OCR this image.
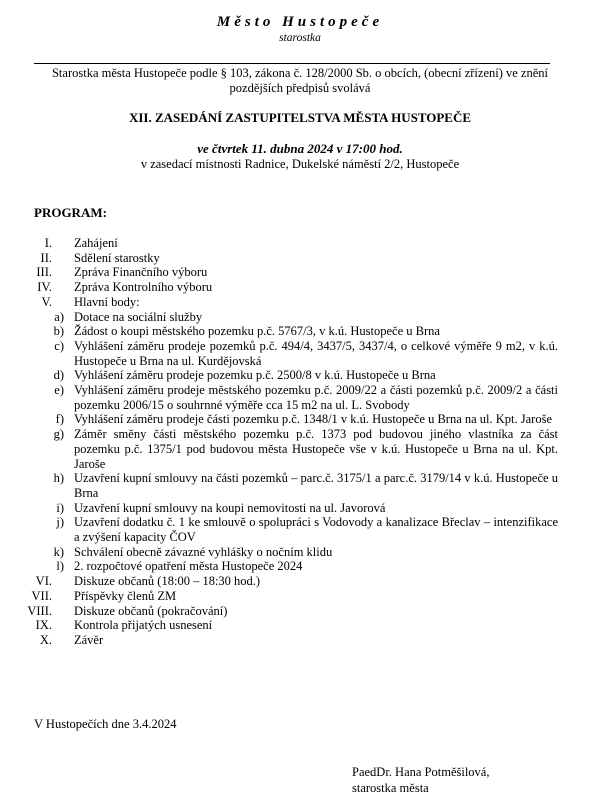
Město Hustopeče
starostka
Starostka města Hustopeče podle § 103, zákona č. 128/2000 Sb. o obcích, (obecní zřízení) ve znění pozdějších předpisů svolává
XII. ZASEDÁNÍ ZASTUPITELSTVA MĚSTA HUSTOPEČE
ve čtvrtek 11. dubna 2024 v 17:00 hod.
v zasedací místnosti Radnice, Dukelské náměstí 2/2, Hustopeče
PROGRAM:
I. Zahájení
II. Sdělení starostky
III. Zpráva Finančního výboru
IV. Zpráva Kontrolního výboru
V. Hlavní body:
a) Dotace na sociální služby
b) Žádost o koupi městského pozemku p.č. 5767/3, v k.ú. Hustopeče u Brna
c) Vyhlášení záměru prodeje pozemků p.č. 494/4, 3437/5, 3437/4, o celkové výměře 9 m2, v k.ú. Hustopeče u Brna na ul. Kurdějovská
d) Vyhlášení záměru prodeje pozemku p.č. 2500/8 v k.ú. Hustopeče u Brna
e) Vyhlášení záměru prodeje městského pozemku p.č. 2009/22 a části pozemků p.č. 2009/2 a části pozemku 2006/15 o souhrnné výměře cca 15 m2 na ul. L. Svobody
f) Vyhlášení záměru prodeje části pozemku p.č. 1348/1 v k.ú. Hustopeče u Brna na ul. Kpt. Jaroše
g) Záměr směny části městského pozemku p.č. 1373 pod budovou jiného vlastníka za část pozemku p.č. 1375/1 pod budovou města Hustopeče vše v k.ú. Hustopeče u Brna na ul. Kpt. Jaroše
h) Uzavření kupní smlouvy na části pozemků – parc.č. 3175/1 a parc.č. 3179/14 v k.ú. Hustopeče u Brna
i) Uzavření kupní smlouvy na koupi nemovitosti na ul. Javorová
j) Uzavření dodatku č. 1 ke smlouvě o spolupráci s Vodovody a kanalizace Břeclav – intenzifikace a zvýšení kapacity ČOV
k) Schválení obecně závazné vyhlášky o nočním klidu
l) 2. rozpočtové opatření města Hustopeče 2024
VI. Diskuze občanů (18:00 – 18:30 hod.)
VII. Příspěvky členů ZM
VIII. Diskuze občanů (pokračování)
IX. Kontrola přijatých usnesení
X. Závěr
V Hustopečích dne 3.4.2024
PaedDr. Hana Potměšilová,
starostka města
